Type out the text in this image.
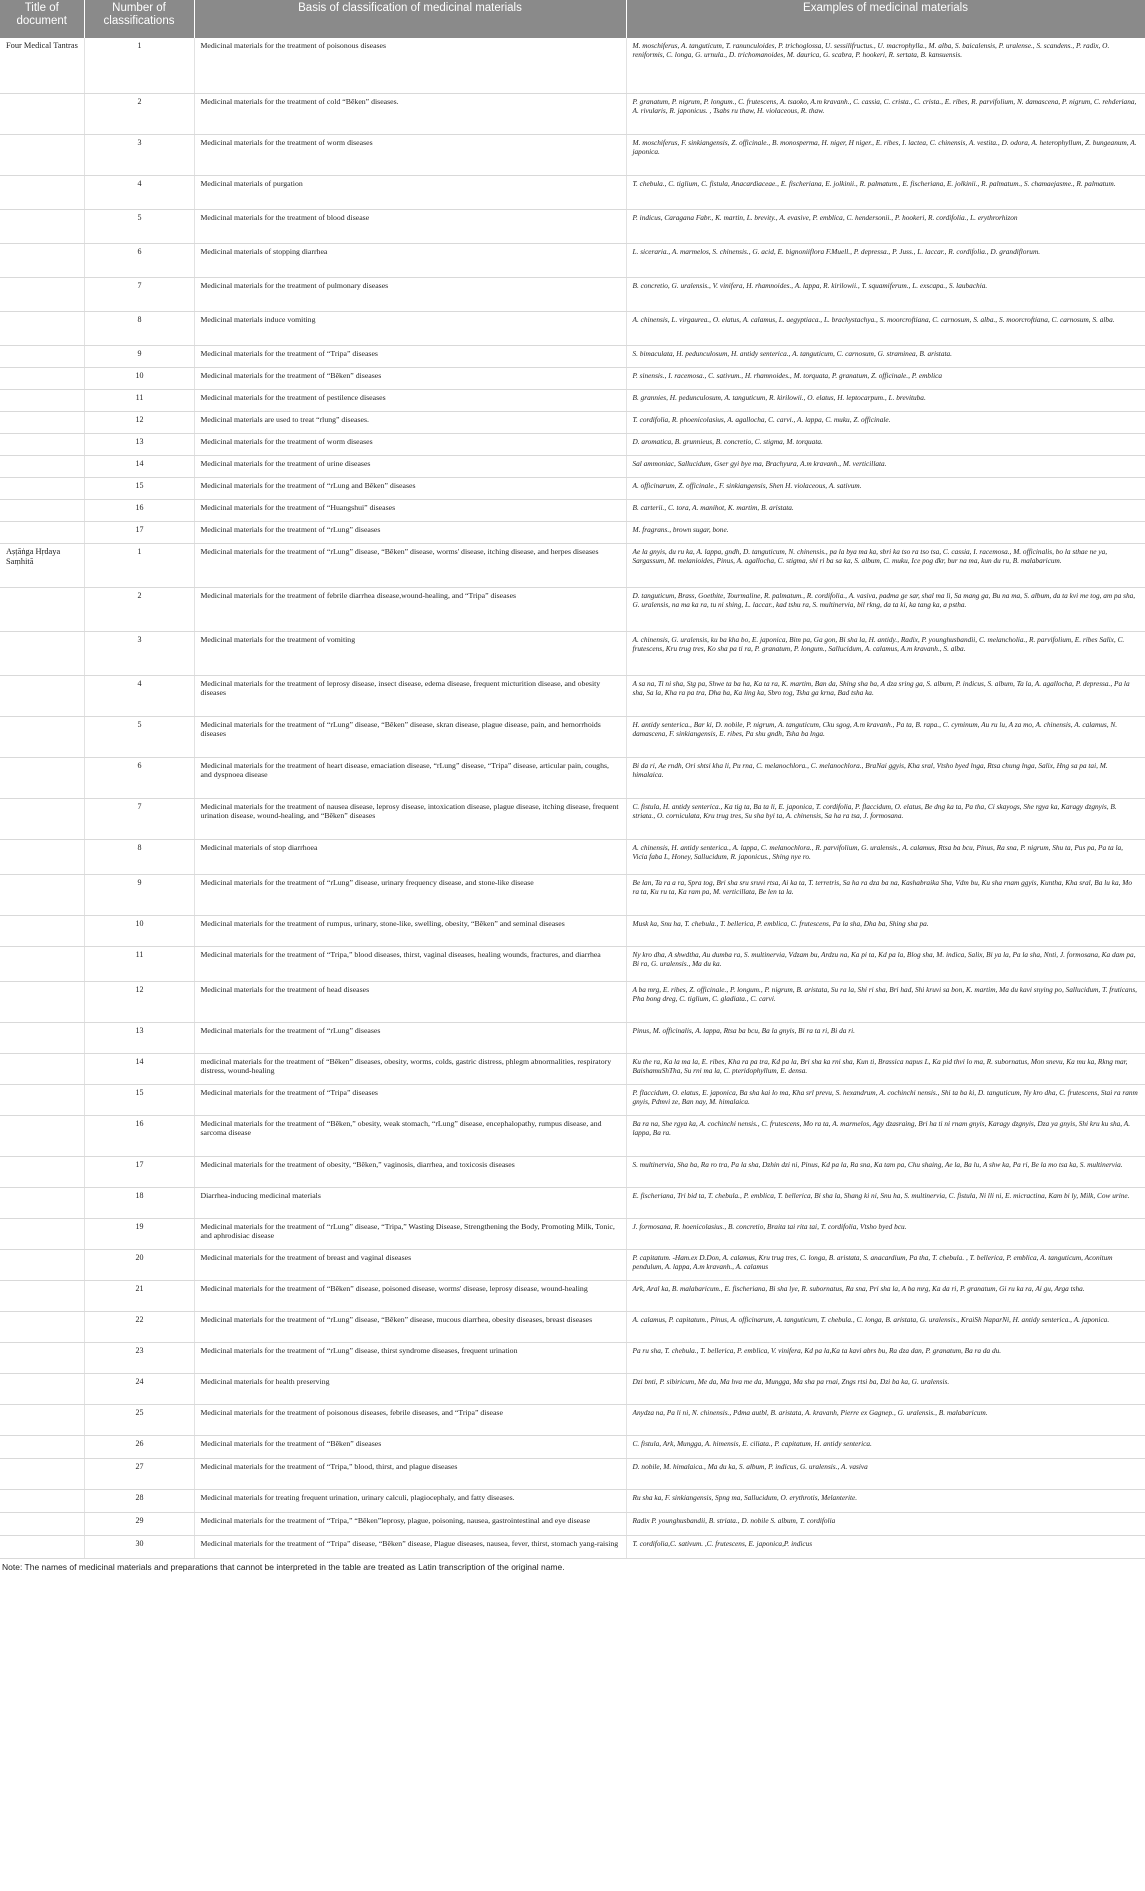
Title of document	Number of classifications	Basis of classification of medicinal materials	Examples of medicinal materials
Four Medical Tantras	1	Medicinal materials for the treatment of poisonous diseases	M. moschiferus, A. tanguticum, T. ranunculoides, P. trichoglossa, U. sessilifructus., U. macrophylla., M. alba, S. baicalensis, P. uralense., S. scandens., P. radix, O. reniformis, C. longa, G. urnula., D. trichomanoides, M. daurica, G. scabra, P. hookeri, R. sertata, B. kansuensis.
	2	Medicinal materials for the treatment of cold “Bêken” diseases.	P. granatum, P. nigrum, P. longum., C. frutescens, A. tsaoko, A.m kravanh., C. cassia, C. crista., C. crista., E. ribes, R. parvifolium, N. damascena, P. nigrum, C. rehderiana, A. rivularis, R. japonicus. , Tsabs ru thaw, H. violaceous, R. thaw.
	3	Medicinal materials for the treatment of worm diseases	M. moschiferus, F. sinkiangensis, Z. officinale., B. monosperma, H. niger, H niger., E. ribes, I. lactea, C. chinensis, A. vestita., D. odora, A. heterophyllum, Z. bungeanum, A. japonica.
	4	Medicinal materials of purgation	T. chebula., C. tiglium, C. fistula, Anacardiaceae., E. fischeriana, E. jolkinii., R. palmatum., E. fischeriana, E. jolkinii., R. palmatum., S. chamaejasme., R. palmatum.
	5	Medicinal materials for the treatment of blood disease	P. indicus, Caragana Fabr., K. martin, L. brevity., A. evasive, P. emblica, C. hendersonii., P. hookeri, R. cordifolia., L. erythrorhizon
	6	Medicinal materials of stopping diarrhea	L. siceraria., A. marmelos, S. chinensis., G. acid, E. bignoniiflora F.Muell., P. depressa., P. Juss., L. laccar., R. cordifolia., D. grandiflorum.
	7	Medicinal materials for the treatment of pulmonary diseases	B. concretio, G. uralensis., V. vinifera, H. rhamnoides., A. lappa, R. kirilowii., T. squamiferum., L. exscapa., S. laubachia.
	8	Medicinal materials induce vomiting	A. chinensis, L. virgaurea., O. elatus, A. calamus, L. aegyptiaca., L. brachystachya., S. moorcroftiana, C. carnosum, S. alba., S. moorcroftiana, C. carnosum, S. alba.
	9	Medicinal materials for the treatment of “Tripa” diseases	S. bimaculata, H. pedunculosum, H. antidy senterica., A. tanguticum, C. carnosum, G. straminea, B. aristata.
	10	Medicinal materials for the treatment of “Bêken” diseases	P. sinensis., I. racemosa., C. sativum., H. rhamnoides., M. torquata, P. granatum, Z. officinale., P. emblica
	11	Medicinal materials for the treatment of pestilence diseases	B. grannies, H. pedunculosum, A. tanguticum, R. kirilowii., O. elatus, H. leptocarpum., L. brevituba.
	12	Medicinal materials are used to treat “rlung” diseases.	T. cordifolia, R. phoenicolasius, A. agallocha, C. carvi., A. lappa, C. muku, Z. officinale.
	13	Medicinal materials for the treatment of worm diseases	D. aromatica, B. grunnieus, B. concretio, C. stigma, M. torquata.
	14	Medicinal materials for the treatment of urine diseases	Sal ammoniac, Sallucidum, Gser gyi bye ma, Brachyura, A.m kravanh., M. verticillata.
	15	Medicinal materials for the treatment of “rLung and Bêken” diseases	A. officinarum, Z. officinale., F. sinkiangensis, Shen H. violaceous, A. sativum.
	16	Medicinal materials for the treatment of “Huangshui” diseases	B. carterii., C. tora, A. manihot, K. martim, B. aristata.
	17	Medicinal materials for the treatment of “rLung” diseases	M. fragrans., brown sugar, bone.
Aṣṭāṅga Hṛdaya Saṃhitā	1	Medicinal materials for the treatment of “rLung” disease, “Bêken” disease, worms' disease, itching disease, and herpes diseases	Ae la gnyis, du ru ka, A. lappa, gndh, D. tanguticum, N. chinensis., pa la bya ma ka, sbri ka tso ra tso tsa, C. cassia, I. racemosa., M. officinalis, bo la sthae ne ya, Sargassum, M. melanioides, Pinus, A. agallocha, C. stigma, shi ri ba sa ka, S. album, C. muku, Ice pog dkr, bur na ma, kun du ru, B. malabaricum.
	2	Medicinal materials for the treatment of febrile diarrhea disease,wound-healing, and “Tripa” diseases	D. tanguticum, Brass, Goethite, Tourmaline, R. palmatum., R. cordifolia., A. vasiva, padma ge sar, shal ma li, Sa mang ga, Bu na ma, S. album, da ta kvi me tog, am pa sha, G. uralensis, na ma ka ra, tu ni shing, L. laccar., kad tshu ra, S. multinervia, bil rkng, da ta ki, ka tang ka, a pstha.
	3	Medicinal materials for the treatment of vomiting	A. chinensis, G. uralensis, ku ba kha bo, E. japonica, Bim pa, Ga gon, Bi sha la, H. antidy., Radix, P. younghusbandii, C. melancholia., R. parvifolium, E. ribes Salix, C. frutescens, Kru trug tres, Ko sha pa ti ra, P. granatum, P. longum., Sallucidum, A. calamus, A.m kravanh., S. alba.
	4	Medicinal materials for the treatment of leprosy disease, insect disease, edema disease, frequent micturition disease, and obesity diseases	A sa na, Ti ni sha, Stg pa, Shwe ta ba ha, Ka ta ra, K. martim, Ban da, Shing sha ba, A dza sring ga, S. album, P. indicus, S. album, Ta la, A. agallocha, P. depressa., Pa la sha, Sa la, Kha ra pa tra, Dha ba, Ka ling ka, Sbro tog, Tsha ga krna, Bad tsha ka.
	5	Medicinal materials for the treatment of “rLung” disease, “Bêken” disease, skran disease, plague disease, pain, and hemorrhoids diseases	H. antidy senterica., Bar ki, D. nobile, P. nigrum, A. tanguticum, Cku sgog, A.m kravanh., Pa ta, B. rapa., C. cyminum, Au ru lu, A za mo, A. chinensis, A. calamus, N. damascena, F. sinkiangensis, E. ribes, Pa shu gndh, Tsha ba lnga.
	6	Medicinal materials for the treatment of heart disease, emaciation disease, “rLung” disease, “Tripa” disease, articular pain, coughs, and dyspnoea disease	Bi da ri, Ae rndh, Ori shtsi kha li, Pu rna, C. melanochlora., C. melanochlora., BraNai ggyis, Kha sral, Vtsho byed lnga, Rtsa chung lnga, Salix, Hng sa pa tai, M. himalaica.
	7	Medicinal materials for the treatment of nausea disease, leprosy disease, intoxication disease, plague disease, itching disease, frequent urination disease, wound-healing, and “Bêken” diseases	C. fistula, H. antidy senterica., Ka tig ta, Ba ta li, E. japonica, T. cordifolia, P. flaccidum, O. elatus, Be dng ka ta, Pa tha, Ci skayogs, She rgya ka, Karagy dzgnyis, B. striata., O. corniculata, Kru trug tres, Su sha byi ta, A. chinensis, Sa ha ra tsa, J. formosana.
	8	Medicinal materials of stop diarrhoea	A. chinensis, H. antidy senterica., A. lappa, C. melanochlora., R. parvifolium, G. uralensis., A. calamus, Rtsa ba bcu, Pinus, Ra sna, P. nigrum, Shu ta, Pus pa, Pa ta la, Vicia faba L, Honey, Sallucidum, R. japonicus., Shing nye ro.
	9	Medicinal materials for the treatment of “rLung” disease, urinary frequency disease, and stone-like disease	Be lan, Ta ra a ra, Spra tog, Bri sha sru sruvi rtsa, Ai ka ta, T. terretris, Sa ha ra dza ba na, Kashabraika Sha, Vdm bu, Ku sha rnam ggyis, Kuntha, Kha sral, Ba lu ka, Mo ra ta, Ku ru ta, Ka ram pa, M. verticillata, Be len ta la.
	10	Medicinal materials for the treatment of rumpus, urinary, stone-like, swelling, obesity, “Bêken” and seminal diseases	Musk ka, Snu ha, T. chebula., T. bellerica, P. emblica, C. frutescens, Pa la sha, Dha ba, Shing sha pa.
	11	Medicinal materials for the treatment of “Tripa,” blood diseases, thirst, vaginal diseases, healing wounds, fractures, and diarrhea	Ny kro dha, A shwdtha, Au dumba ra, S. multinervia, Vdzam bu, Ardzu na, Ka pi ta, Kd pa la, Blog sha, M. indica, Salix, Bi ya la, Pa la sha, Nnti, J. formosana, Ka dam pa, Bi ra, G. uralensis., Ma du ka.
	12	Medicinal materials for the treatment of head diseases	A ba mrg, E. ribes, Z. officinale., P. longum., P. nigrum, B. aristata, Su ra la, Shi ri sha, Bri had, Shi kruvi sa bon, K. martim, Ma du kavi snying po, Sallucidum, T. fruticans, Pha bong dreg, C. tiglium, C. gladiata., C. carvi.
	13	Medicinal materials for the treatment of “rLung” diseases	Pinus, M. officinalis, A. lappa, Rtsa ba bcu, Ba la gnyis, Bi ra ta ri, Bi da ri.
	14	medicinal materials for the treatment of “Bêken” diseases, obesity, worms, colds, gastric distress, phlegm abnormalities, respiratory distress, wound-healing	Ku the ra, Ka la ma la, E. ribes, Kha ra pa tra, Kd pa la, Bri sha ka rni sha, Kun ti, Brassica napus L, Ka pid thvi lo ma, R. subornatus, Mon snevu, Ka mu ka, Rkng mar, BaishamuShTha, Su rni ma la, C. pteridophyllum, E. densa.
	15	Medicinal materials for the treatment of “Tripa” diseases	P. flaccidum, O. elatus, E. japonica, Ba sha kai lo ma, Kha srl prevu, S. hexandrum, A. cochinchi nensis., Shi ta ba ki, D. tanguticum, Ny kro dha, C. frutescens, Stai ra ranm gnyis, Pdmvi ze, Ban nay, M. himalaica.
	16	Medicinal materials for the treatment of “Bêken,” obesity, weak stomach, “rLung” disease, encephalopathy, rumpus disease, and sarcoma disease	Ba ra na, She rgya ka, A. cochinchi nensis., C. frutescens, Mo ra ta, A. marmelos, Agy dzasraing, Bri ha ti ni rnam gnyis, Karagy dzgnyis, Dza ya gnyis, Shi kru ku sha, A. lappa, Ba ra.
	17	Medicinal materials for the treatment of obesity, “Bêken,” vaginosis, diarrhea, and toxicosis diseases	S. multinervia, Sha ba, Ra ro tra, Pa la sha, Dzhin dzi ni, Pinus, Kd pa la, Ra sna, Ka tam pa, Chu shaing, Ae la, Ba lu, A shw ka, Pa ri, Be la mo tsa ka, S. multinervia.
	18	Diarrhea-inducing medicinal materials	E. fischeriana, Tri bid ta, T. chebula., P. emblica, T. bellerica, Bi sha la, Shang ki ni, Snu ha, S. multinervia, C. fistula, Ni lli ni, E. micractina, Kam bi ly, Milk, Cow urine.
	19	Medicinal materials for the treatment of “rLung” disease, “Tripa,” Wasting Disease, Strengthening the Body, Promoting Milk, Tonic, and aphrodisiac disease	J. formosana, R. hoenicolasius., B. concretio, Braita tai rita tai, T. cordifolia, Vtsho byed bcu.
	20	Medicinal materials for the treatment of breast and vaginal diseases	P. capitatum. -Ham.ex D.Don, A. calamus, Kru trug tres, C. longa, B. aristata, S. anacardium, Pa tha, T. chebula. , T. bellerica, P. emblica, A. tanguticum, Aconitum pendulum, A. lappa, A.m kravanh., A. calamus
	21	Medicinal materials for the treatment of “Bêken” disease, poisoned disease, worms' disease, leprosy disease, wound-healing	Ark, Aral ka, B. malabaricum., E. fischeriana, Bi sha lye, R. subornatus, Ra sna, Pri sha la, A ba mrg, Ka da ri, P. granatum, Gi ru ka ra, Ai gu, Arga tsha.
	22	Medicinal materials for the treatment of “rLung” disease, “Bêken” disease, mucous diarrhea, obesity diseases, breast diseases	A. calamus, P. capitatum., Pinus, A. officinarum, A. tanguticum, T. chebula., C. longa, B. aristata, G. uralensis., KraiSh NaparNi, H. antidy senterica., A. japonica.
	23	Medicinal materials for the treatment of “rLung” disease, thirst syndrome diseases, frequent urination	Pa ru sha, T. chebula., T. bellerica, P. emblica, V. vinifera, Kd pa la,Ka ta kavi abrs bu, Ra dza dan, P. granatum, Ba ra da du.
	24	Medicinal materials for health preserving	Dzi bnti, P. sibiricum, Me da, Ma hva me da, Mungga, Ma sha pa rnai, Zngs rtsi ba, Dzi ba ka, G. uralensis.
	25	Medicinal materials for the treatment of poisonous diseases, febrile diseases, and “Tripa” disease	Anydza na, Pa li ni, N. chinensis., Pdma autbl, B. aristata, A. kravanh, Pierre ex Gagnep., G. uralensis., B. malabaricum.
	26	Medicinal materials for the treatment of “Bêken” diseases	C. fistula, Ark, Mungga, A. himensis, E. ciliata., P. capitatum, H. antidy senterica.
	27	Medicinal materials for the treatment of “Tripa,” blood, thirst, and plague diseases	D. nobile, M. himalaica., Ma du ka, S. album, P. indicus, G. uralensis., A. vasiva
	28	Medicinal materials for treating frequent urination, urinary calculi, plagiocephaly, and fatty diseases.	Ru sha ka, F. sinkiangensis, Spng ma, Sallucidum, O. erythrotis, Melanterite.
	29	Medicinal materials for the treatment of “Tripa,” “Bêken”leprosy, plague, poisoning, nausea, gastrointestinal and eye disease	Radix P. younghusbandii, B. striata., D. nobile S. album, T. cordifolia
	30	Medicinal materials for the treatment of “Tripa” disease, “Bêken” disease, Plague diseases, nausea, fever, thirst, stomach yang-raising	T. cordifolia,C. sativum. ,C. frutescens, E. japonica,P. indicus
Note: The names of medicinal materials and preparations that cannot be interpreted in the table are treated as Latin transcription of the original name.
